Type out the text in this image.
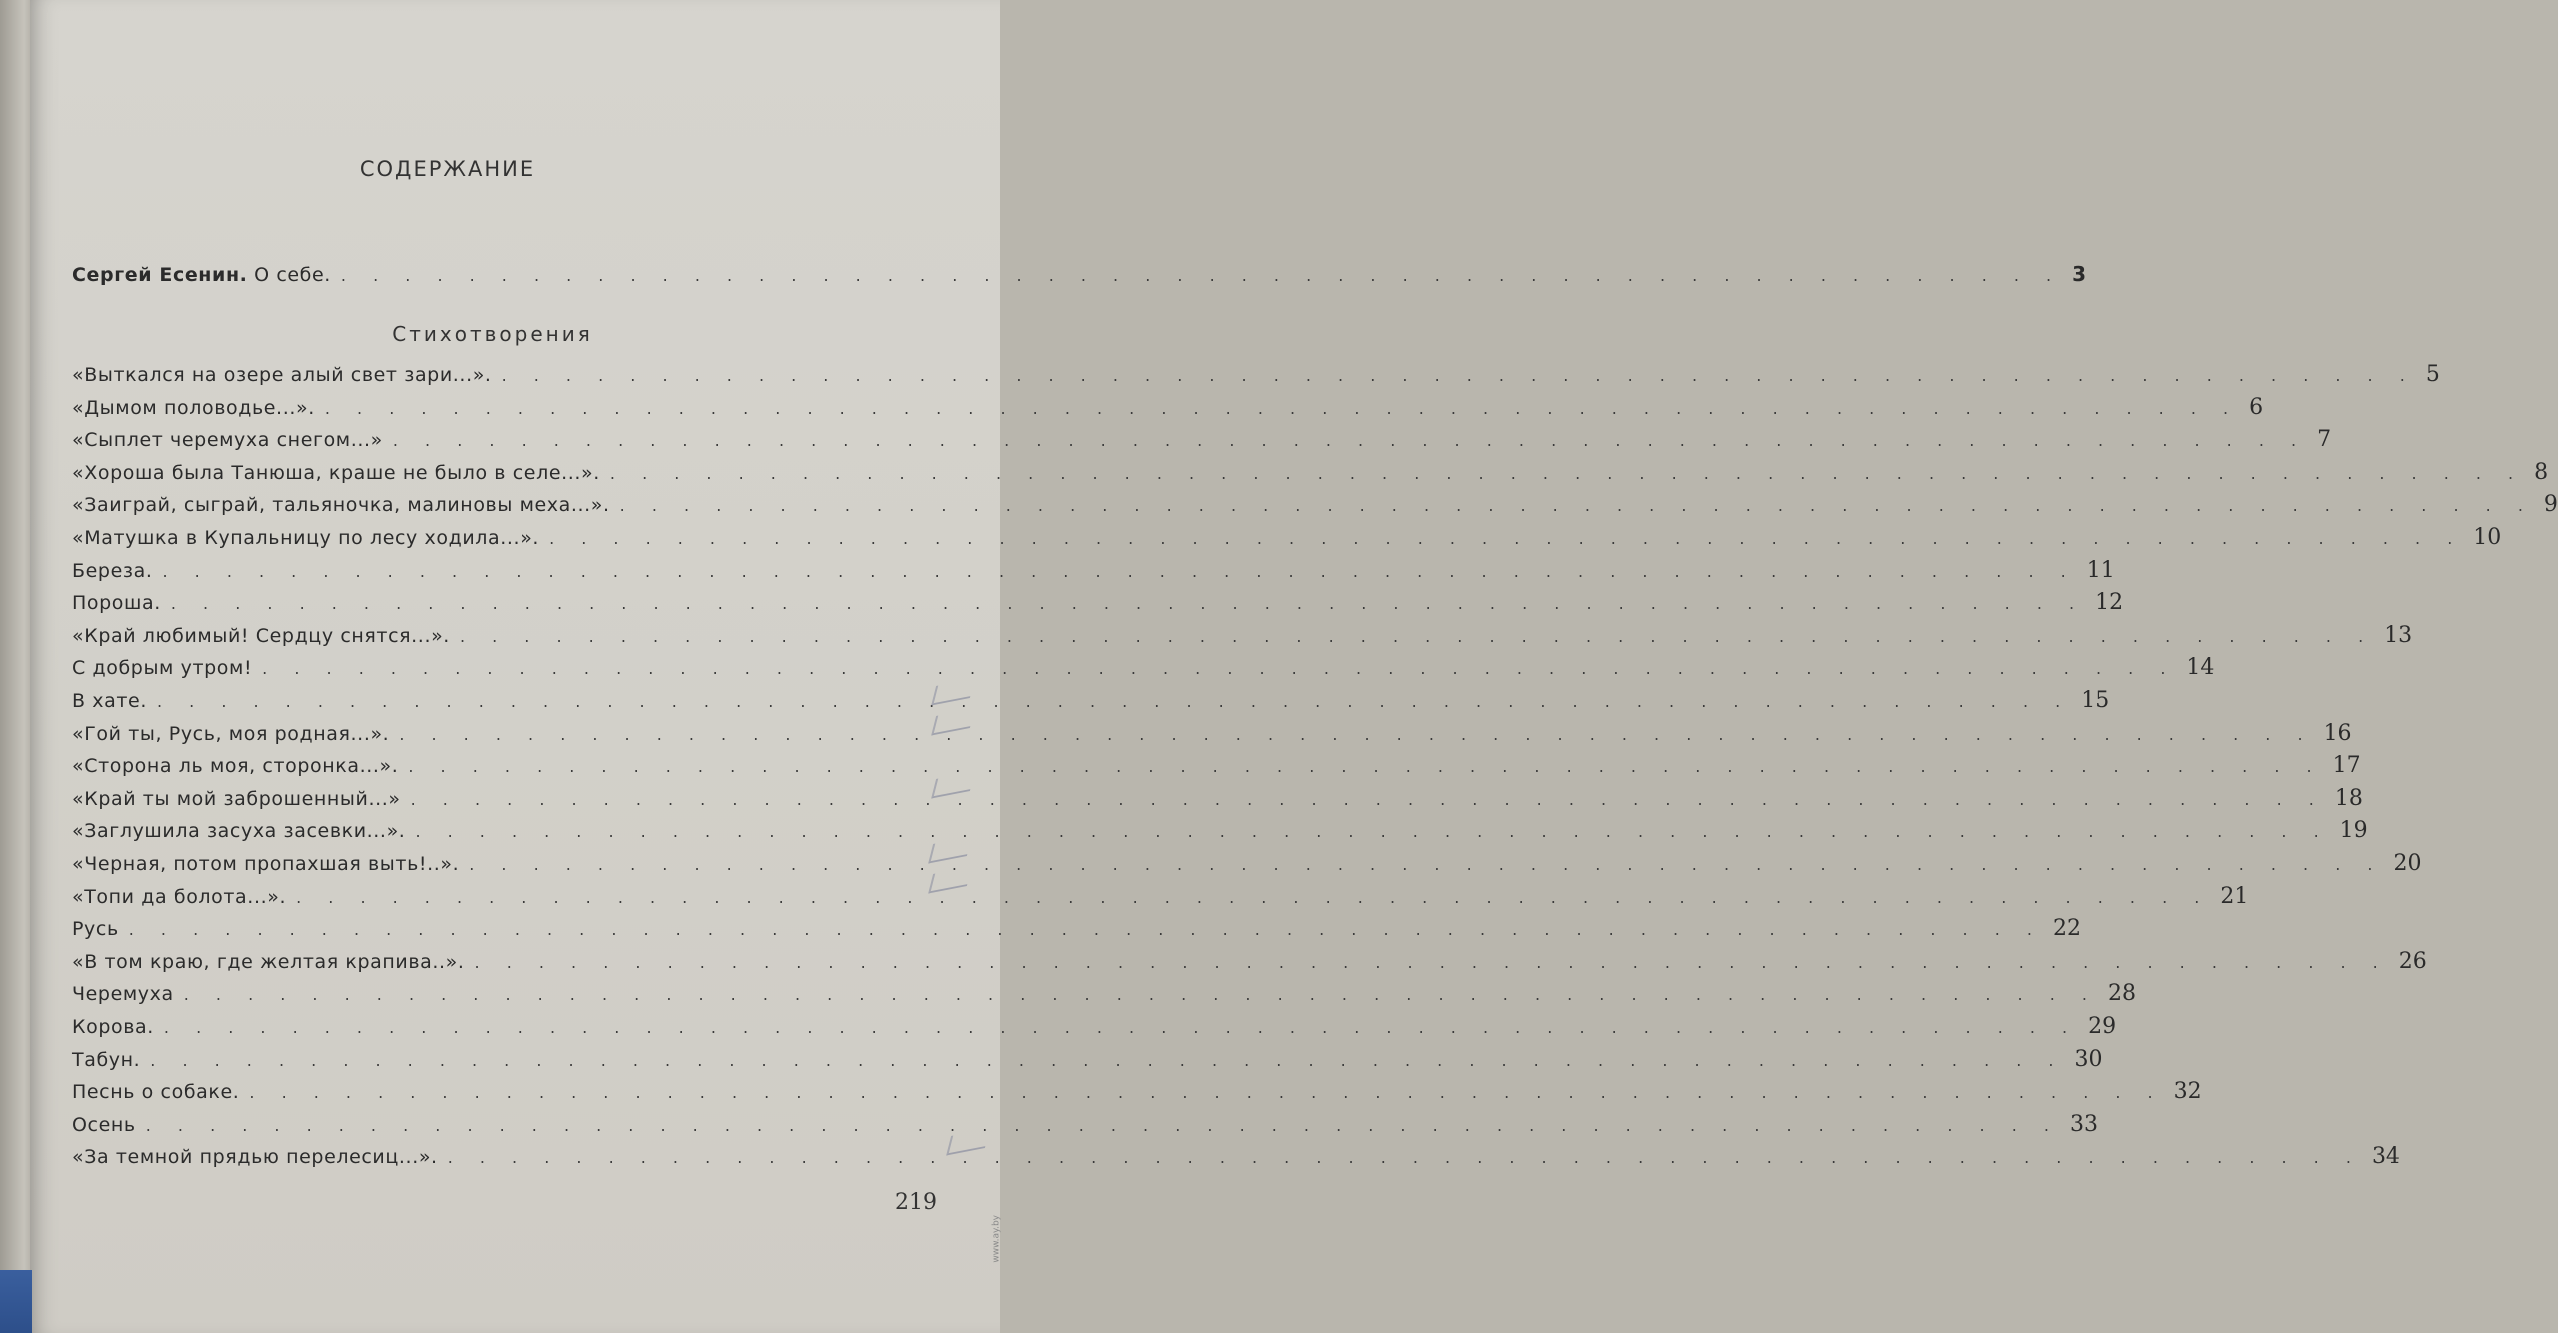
СОДЕРЖАНИЕ
Сергей Есенин. О себе. . . . . . . . . . . . . . . . . . . . . . . . . . . . . . . . . . . . . . . . . . . . . . . . . . . . . . . 3
Стихотворения
«Выткался на озере алый свет зари...». . . . . . . . . . . . . . . . . . . . . . . . . . . . . . . . . . . . . . . . . . . . . . . . . . . . . . . . . . . . . 5
«Дымом половодье...». . . . . . . . . . . . . . . . . . . . . . . . . . . . . . . . . . . . . . . . . . . . . . . . . . . . . . . . . . . . . 6
«Сыплет черемуха снегом...» . . . . . . . . . . . . . . . . . . . . . . . . . . . . . . . . . . . . . . . . . . . . . . . . . . . . . . . . . . . . 7
«Хороша была Танюша, краше не было в селе...». . . . . . . . . . . . . . . . . . . . . . . . . . . . . . . . . . . . . . . . . . . . . . . . . . . . . . . . . . . . . 8
«Заиграй, сыграй, тальяночка, малиновы меха...». . . . . . . . . . . . . . . . . . . . . . . . . . . . . . . . . . . . . . . . . . . . . . . . . . . . . . . . . . . . . 9
«Матушка в Купальницу по лесу ходила...». . . . . . . . . . . . . . . . . . . . . . . . . . . . . . . . . . . . . . . . . . . . . . . . . . . . . . . . . . . . . 10
Береза. . . . . . . . . . . . . . . . . . . . . . . . . . . . . . . . . . . . . . . . . . . . . . . . . . . . . . . . . . . . . 11
Пороша. . . . . . . . . . . . . . . . . . . . . . . . . . . . . . . . . . . . . . . . . . . . . . . . . . . . . . . . . . . . . 12
«Край любимый! Сердцу снятся...». . . . . . . . . . . . . . . . . . . . . . . . . . . . . . . . . . . . . . . . . . . . . . . . . . . . . . . . . . . . . 13
С добрым утром! . . . . . . . . . . . . . . . . . . . . . . . . . . . . . . . . . . . . . . . . . . . . . . . . . . . . . . . . . . . . 14
В хате. . . . . . . . . . . . . . . . . . . . . . . . . . . . . . . . . . . . . . . . . . . . . . . . . . . . . . . . . . . . . 15
«Гой ты, Русь, моя родная...». . . . . . . . . . . . . . . . . . . . . . . . . . . . . . . . . . . . . . . . . . . . . . . . . . . . . . . . . . . . . 16
«Сторона ль моя, сторонка...». . . . . . . . . . . . . . . . . . . . . . . . . . . . . . . . . . . . . . . . . . . . . . . . . . . . . . . . . . . . . 17
«Край ты мой заброшенный...» . . . . . . . . . . . . . . . . . . . . . . . . . . . . . . . . . . . . . . . . . . . . . . . . . . . . . . . . . . . . 18
«Заглушила засуха засевки...». . . . . . . . . . . . . . . . . . . . . . . . . . . . . . . . . . . . . . . . . . . . . . . . . . . . . . . . . . . . . 19
«Черная, потом пропахшая выть!..». . . . . . . . . . . . . . . . . . . . . . . . . . . . . . . . . . . . . . . . . . . . . . . . . . . . . . . . . . . . . 20
«Топи да болота...». . . . . . . . . . . . . . . . . . . . . . . . . . . . . . . . . . . . . . . . . . . . . . . . . . . . . . . . . . . . . 21
Русь . . . . . . . . . . . . . . . . . . . . . . . . . . . . . . . . . . . . . . . . . . . . . . . . . . . . . . . . . . . . 22
«В том краю, где желтая крапива..». . . . . . . . . . . . . . . . . . . . . . . . . . . . . . . . . . . . . . . . . . . . . . . . . . . . . . . . . . . . . 26
Черемуха . . . . . . . . . . . . . . . . . . . . . . . . . . . . . . . . . . . . . . . . . . . . . . . . . . . . . . . . . . . . 28
Корова. . . . . . . . . . . . . . . . . . . . . . . . . . . . . . . . . . . . . . . . . . . . . . . . . . . . . . . . . . . . . 29
Табун. . . . . . . . . . . . . . . . . . . . . . . . . . . . . . . . . . . . . . . . . . . . . . . . . . . . . . . . . . . . . 30
Песнь о собаке. . . . . . . . . . . . . . . . . . . . . . . . . . . . . . . . . . . . . . . . . . . . . . . . . . . . . . . . . . . . . 32
Осень . . . . . . . . . . . . . . . . . . . . . . . . . . . . . . . . . . . . . . . . . . . . . . . . . . . . . . . . . . . . 33
«За темной прядью перелесиц...». . . . . . . . . . . . . . . . . . . . . . . . . . . . . . . . . . . . . . . . . . . . . . . . . . . . . . . . . . . . . 34
219
www.ay.by
